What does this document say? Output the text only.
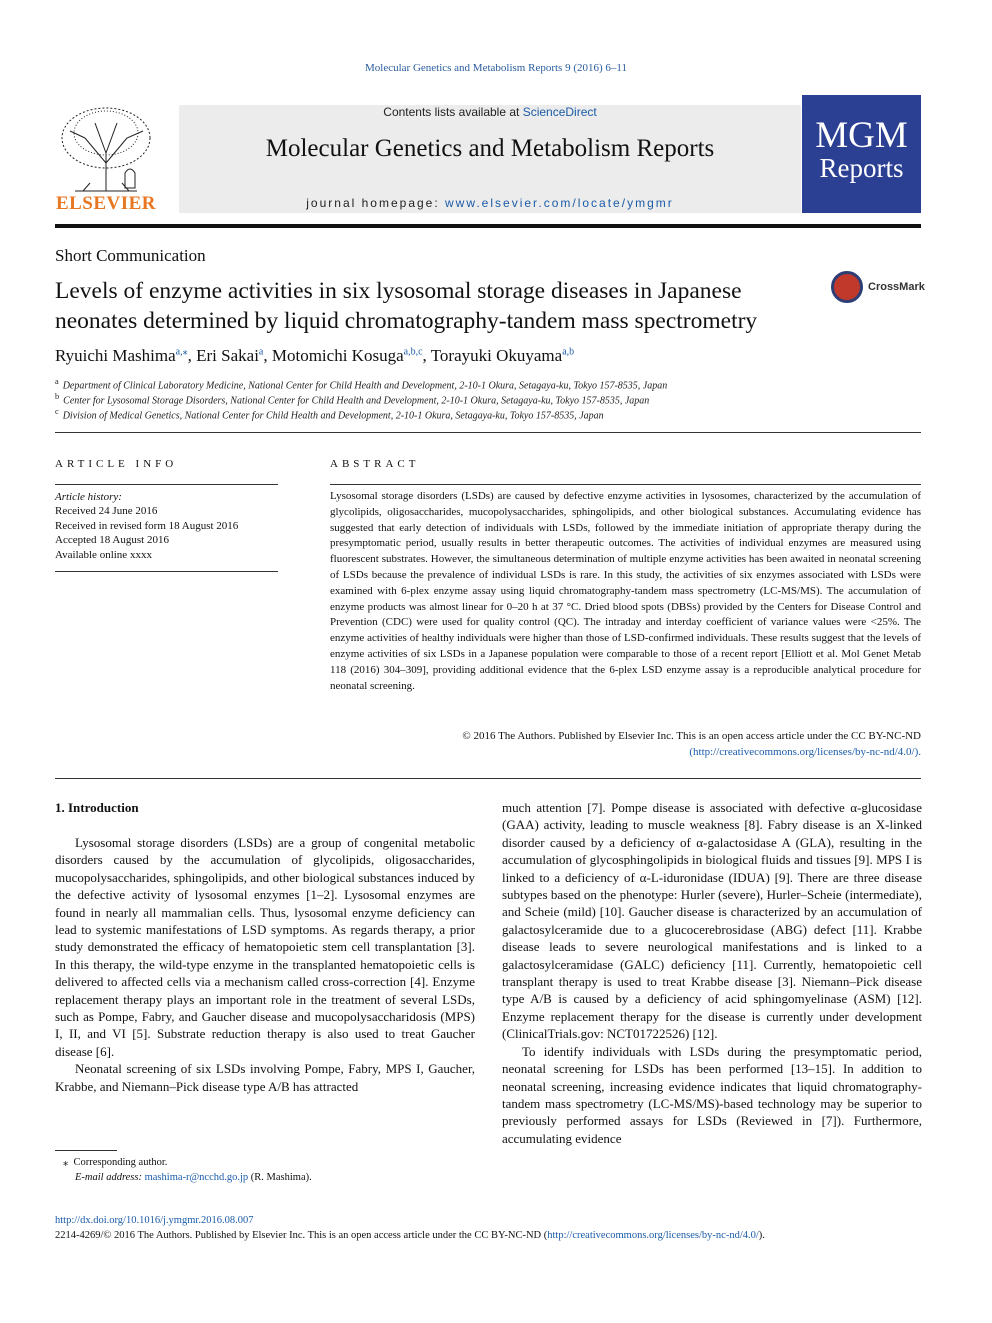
Molecular Genetics and Metabolism Reports 9 (2016) 6–11
ELSEVIER
Contents lists available at ScienceDirect
Molecular Genetics and Metabolism Reports
journal homepage: www.elsevier.com/locate/ymgmr
MGM
Reports
Short Communication
Levels of enzyme activities in six lysosomal storage diseases in Japanese
neonates determined by liquid chromatography-tandem mass spectrometry
CrossMark
Ryuichi Mashima$^{a,⁎}$, Eri Sakai$^a$, Motomichi Kosuga$^{a,b,c}$, Torayuki Okuyama$^{a,b}$
$^a$ Department of Clinical Laboratory Medicine, National Center for Child Health and Development, 2-10-1 Okura, Setagaya-ku, Tokyo 157-8535, Japan
$^b$ Center for Lysosomal Storage Disorders, National Center for Child Health and Development, 2-10-1 Okura, Setagaya-ku, Tokyo 157-8535, Japan
$^c$ Division of Medical Genetics, National Center for Child Health and Development, 2-10-1 Okura, Setagaya-ku, Tokyo 157-8535, Japan
ARTICLE INFO
Article history:
Received 24 June 2016
Received in revised form 18 August 2016
Accepted 18 August 2016
Available online xxxx
ABSTRACT
Lysosomal storage disorders (LSDs) are caused by defective enzyme activities in lysosomes, characterized by the accumulation of glycolipids, oligosaccharides, mucopolysaccharides, sphingolipids, and other biological substances. Accumulating evidence has suggested that early detection of individuals with LSDs, followed by the immediate initiation of appropriate therapy during the presymptomatic period, usually results in better therapeutic outcomes. The activities of individual enzymes are measured using fluorescent substrates. However, the simultaneous determination of multiple enzyme activities has been awaited in neonatal screening of LSDs because the prevalence of individual LSDs is rare. In this study, the activities of six enzymes associated with LSDs were examined with 6-plex enzyme assay using liquid chromatography-tandem mass spectrometry (LC-MS/MS). The accumulation of enzyme products was almost linear for 0–20 h at 37 °C. Dried blood spots (DBSs) provided by the Centers for Disease Control and Prevention (CDC) were used for quality control (QC). The intraday and interday coefficient of variance values were <25%. The enzyme activities of healthy individuals were higher than those of LSD-confirmed individuals. These results suggest that the levels of enzyme activities of six LSDs in a Japanese population were comparable to those of a recent report [Elliott et al. Mol Genet Metab 118 (2016) 304–309], providing additional evidence that the 6-plex LSD enzyme assay is a reproducible analytical procedure for neonatal screening.
© 2016 The Authors. Published by Elsevier Inc. This is an open access article under the CC BY-NC-ND
(http://creativecommons.org/licenses/by-nc-nd/4.0/).
1. Introduction

Lysosomal storage disorders (LSDs) are a group of congenital metabolic disorders caused by the accumulation of glycolipids, oligosaccharides, mucopolysaccharides, sphingolipids, and other biological substances induced by the defective activity of lysosomal enzymes [1–2]. Lysosomal enzymes are found in nearly all mammalian cells. Thus, lysosomal enzyme deficiency can lead to systemic manifestations of LSD symptoms. As regards therapy, a prior study demonstrated the efficacy of hematopoietic stem cell transplantation [3]. In this therapy, the wild-type enzyme in the transplanted hematopoietic cells is delivered to affected cells via a mechanism called cross-correction [4]. Enzyme replacement therapy plays an important role in the treatment of several LSDs, such as Pompe, Fabry, and Gaucher disease and mucopolysaccharidosis (MPS) I, II, and VI [5]. Substrate reduction therapy is also used to treat Gaucher disease [6].

Neonatal screening of six LSDs involving Pompe, Fabry, MPS I, Gaucher, Krabbe, and Niemann–Pick disease type A/B has attracted

much attention [7]. Pompe disease is associated with defective α-glucosidase (GAA) activity, leading to muscle weakness [8]. Fabry disease is an X-linked disorder caused by a deficiency of α-galactosidase A (GLA), resulting in the accumulation of glycosphingolipids in biological fluids and tissues [9]. MPS I is linked to a deficiency of α-L-iduronidase (IDUA) [9]. There are three disease subtypes based on the phenotype: Hurler (severe), Hurler–Scheie (intermediate), and Scheie (mild) [10]. Gaucher disease is characterized by an accumulation of galactosylceramide due to a glucocerebrosidase (ABG) defect [11]. Krabbe disease leads to severe neurological manifestations and is linked to a galactosylceramidase (GALC) deficiency [11]. Currently, hematopoietic cell transplant therapy is used to treat Krabbe disease [3]. Niemann–Pick disease type A/B is caused by a deficiency of acid sphingomyelinase (ASM) [12]. Enzyme replacement therapy for the disease is currently under development (ClinicalTrials.gov: NCT01722526) [12].

To identify individuals with LSDs during the presymptomatic period, neonatal screening for LSDs has been performed [13–15]. In addition to neonatal screening, increasing evidence indicates that liquid chromatography-tandem mass spectrometry (LC-MS/MS)-based technology may be superior to previously performed assays for LSDs (Reviewed in [7]). Furthermore, accumulating evidence

⁎ Corresponding author.
E-mail address: mashima-r@ncchd.go.jp (R. Mashima).
http://dx.doi.org/10.1016/j.ymgmr.2016.08.007
2214-4269/© 2016 The Authors. Published by Elsevier Inc. This is an open access article under the CC BY-NC-ND (http://creativecommons.org/licenses/by-nc-nd/4.0/).
